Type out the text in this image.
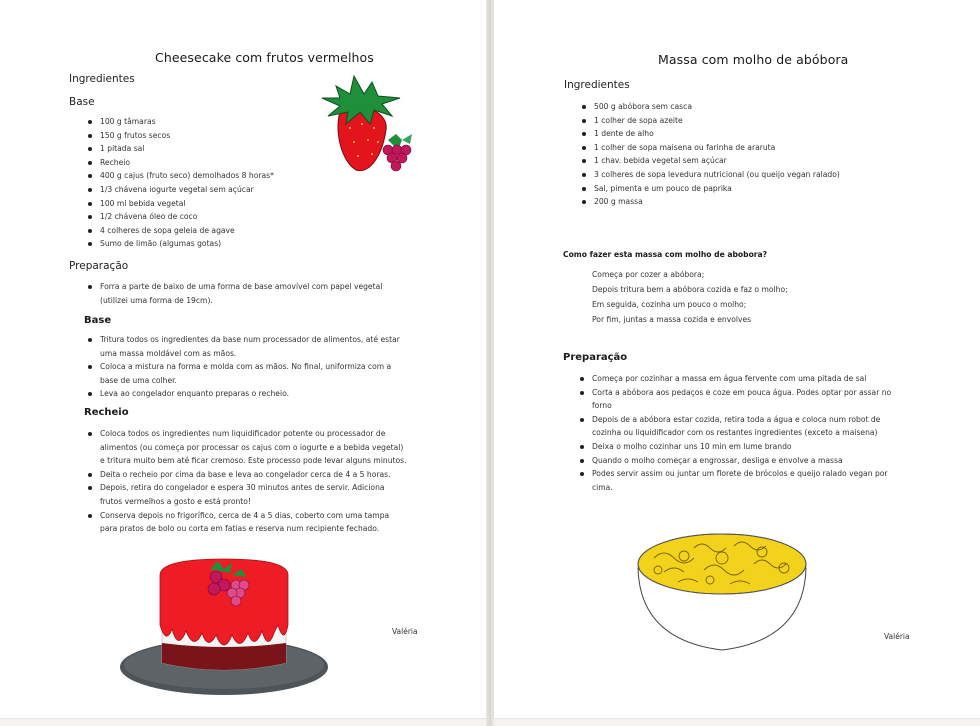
Cheesecake com frutos vermelhos
Ingredientes
Base
100 g tâmaras
150 g frutos secos
1 pitada sal
Recheio
400 g cajus (fruto seco) demolhados 8 horas*
1/3 chávena iogurte vegetal sem açúcar
100 ml bebida vegetal
1/2 chávena óleo de coco
4 colheres de sopa geleia de agave
Sumo de limão (algumas gotas)
Preparação
Forra a parte de baixo de uma forma de base amovível com papel vegetal (utilizei uma forma de 19cm).
Base
Tritura todos os ingredientes da base num processador de alimentos, até estar uma massa moldável com as mãos.
Coloca a mistura na forma e molda com as mãos. No final, uniformiza com a base de uma colher.
Leva ao congelador enquanto preparas o recheio.
Recheio
Coloca todos os ingredientes num liquidificador potente ou processador de alimentos (ou começa por processar os cajus com o iogurte e a bebida vegetal) e tritura muito bem até ficar cremoso. Este processo pode levar alguns minutos.
Deita o recheio por cima da base e leva ao congelador cerca de 4 a 5 horas.
Depois, retira do congelador e espera 30 minutos antes de servir. Adiciona frutos vermelhos a gosto e está pronto!
Conserva depois no frigorífico, cerca de 4 a 5 dias, coberto com uma tampa para pratos de bolo ou corta em fatias e reserva num recipiente fechado.
Valéria
Massa com molho de abóbora
Ingredientes
500 g abóbora sem casca
1 colher de sopa azeite
1 dente de alho
1 colher de sopa maisena ou farinha de araruta
1 chav. bebida vegetal sem açúcar
3 colheres de sopa levedura nutricional (ou queijo vegan ralado)
Sal, pimenta e um pouco de paprika
200 g massa
Como fazer esta massa com molho de abobora?
Começa por cozer a abóbora;
Depois tritura bem a abóbora cozida e faz o molho;
Em seguida, cozinha um pouco o molho;
Por fim, juntas a massa cozida e envolves
Preparação
Começa por cozinhar a massa em água fervente com uma pitada de sal
Corta a abóbora aos pedaços e coze em pouca água. Podes optar por assar no forno
Depois de a abóbora estar cozida, retira toda a água e coloca num robot de cozinha ou liquidificador com os restantes ingredientes (exceto a maisena)
Deixa o molho cozinhar uns 10 min em lume brando
Quando o molho começar a engrossar, desliga e envolve a massa
Podes servir assim ou juntar um florete de brócolos e queijo ralado vegan por cima.
Valéria
